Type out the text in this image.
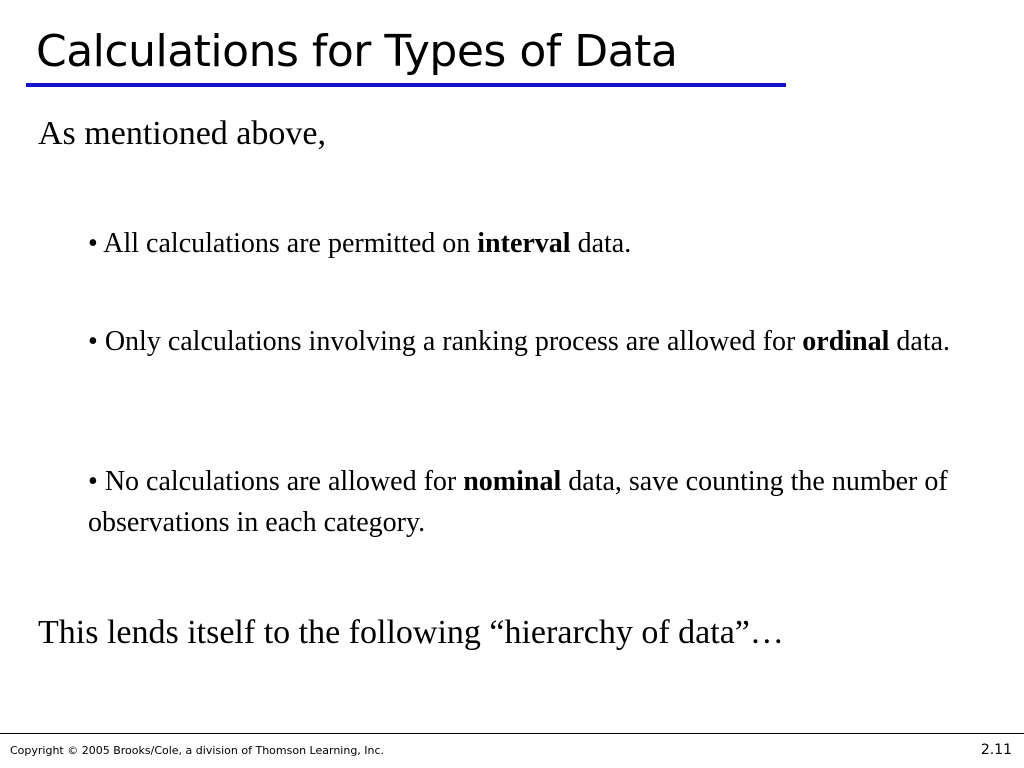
Calculations for Types of Data
As mentioned above,
• All calculations are permitted on interval data.
• Only calculations involving a ranking process are allowed for ordinal data.
• No calculations are allowed for nominal data, save counting the number of observations in each category.
This lends itself to the following “hierarchy of data”…
Copyright © 2005 Brooks/Cole, a division of Thomson Learning, Inc.	2.11
